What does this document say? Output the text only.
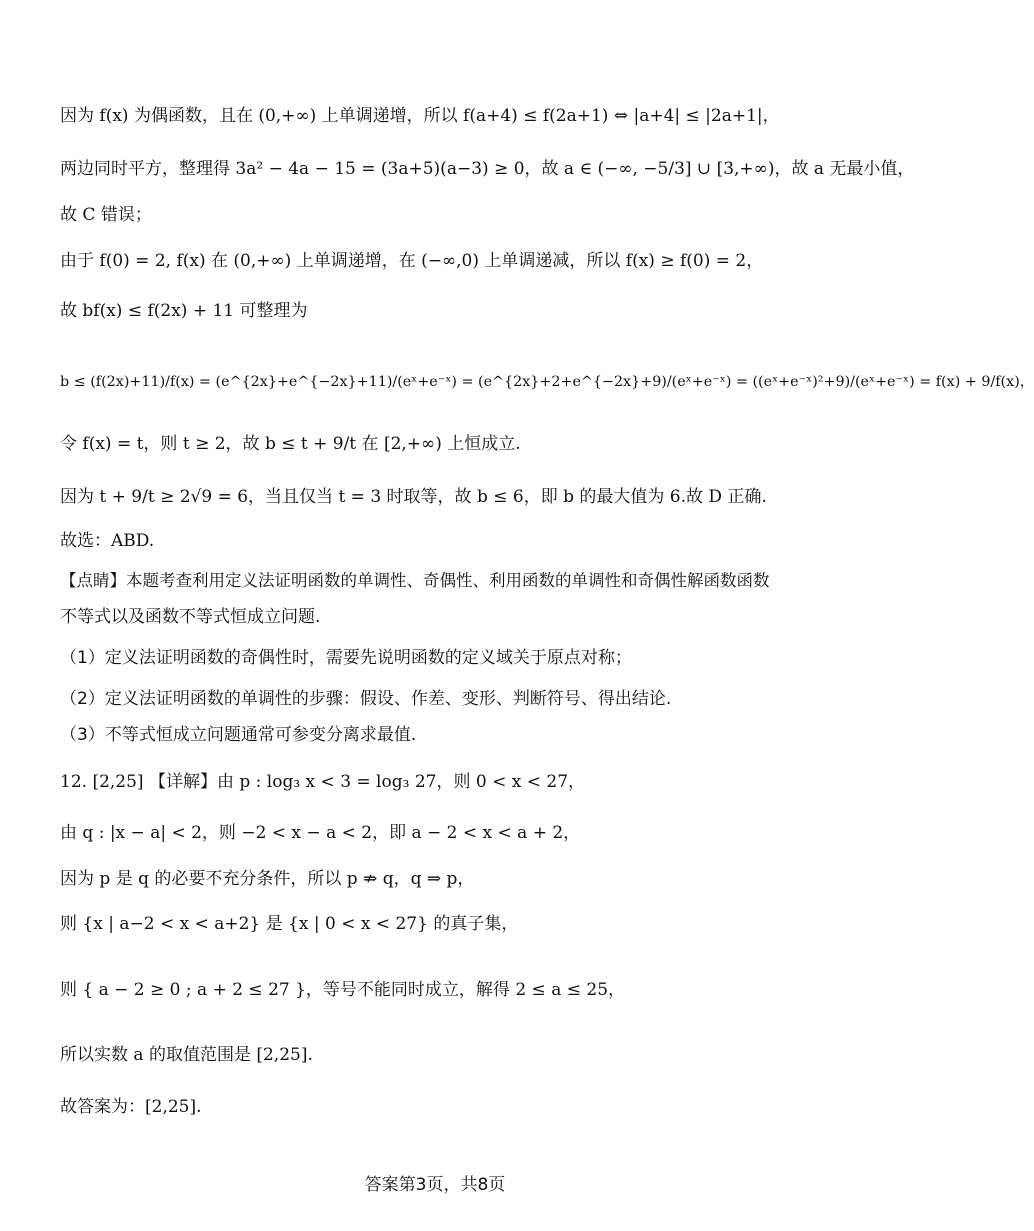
因为 f(x) 为偶函数，且在 (0,+∞) 上单调递增，所以 f(a+4) ≤ f(2a+1) ⇔ |a+4| ≤ |2a+1|，
两边同时平方，整理得 3a² − 4a − 15 = (3a+5)(a−3) ≥ 0，故 a ∈ (−∞, −5/3] ∪ [3,+∞)，故 a 无最小值，
故 C 错误；
由于 f(0) = 2, f(x) 在 (0,+∞) 上单调递增，在 (−∞,0) 上单调递减，所以 f(x) ≥ f(0) = 2，
故 bf(x) ≤ f(2x) + 11 可整理为
b ≤ (f(2x)+11)/f(x) = (e^{2x}+e^{−2x}+11)/(eˣ+e⁻ˣ) = (e^{2x}+2+e^{−2x}+9)/(eˣ+e⁻ˣ) = ((eˣ+e⁻ˣ)²+9)/(eˣ+e⁻ˣ) = f(x) + 9/f(x)，
令 f(x) = t，则 t ≥ 2，故 b ≤ t + 9/t 在 [2,+∞) 上恒成立.
因为 t + 9/t ≥ 2√9 = 6，当且仅当 t = 3 时取等，故 b ≤ 6，即 b 的最大值为 6.故 D 正确.
故选：ABD.
【点睛】本题考查利用定义法证明函数的单调性、奇偶性、利用函数的单调性和奇偶性解函数函数
不等式以及函数不等式恒成立问题.
（1）定义法证明函数的奇偶性时，需要先说明函数的定义域关于原点对称；
（2）定义法证明函数的单调性的步骤：假设、作差、变形、判断符号、得出结论.
（3）不等式恒成立问题通常可参变分离求最值.
12. [2,25] 【详解】由 p : log₃ x < 3 = log₃ 27，则 0 < x < 27，
由 q : |x − a| < 2，则 −2 < x − a < 2，即 a − 2 < x < a + 2，
因为 p 是 q 的必要不充分条件，所以 p ⇏ q，q ⇒ p，
则 {x | a−2 < x < a+2} 是 {x | 0 < x < 27} 的真子集，
则 { a − 2 ≥ 0 ; a + 2 ≤ 27 }，等号不能同时成立，解得 2 ≤ a ≤ 25，
所以实数 a 的取值范围是 [2,25].
故答案为：[2,25].
答案第3页，共8页
